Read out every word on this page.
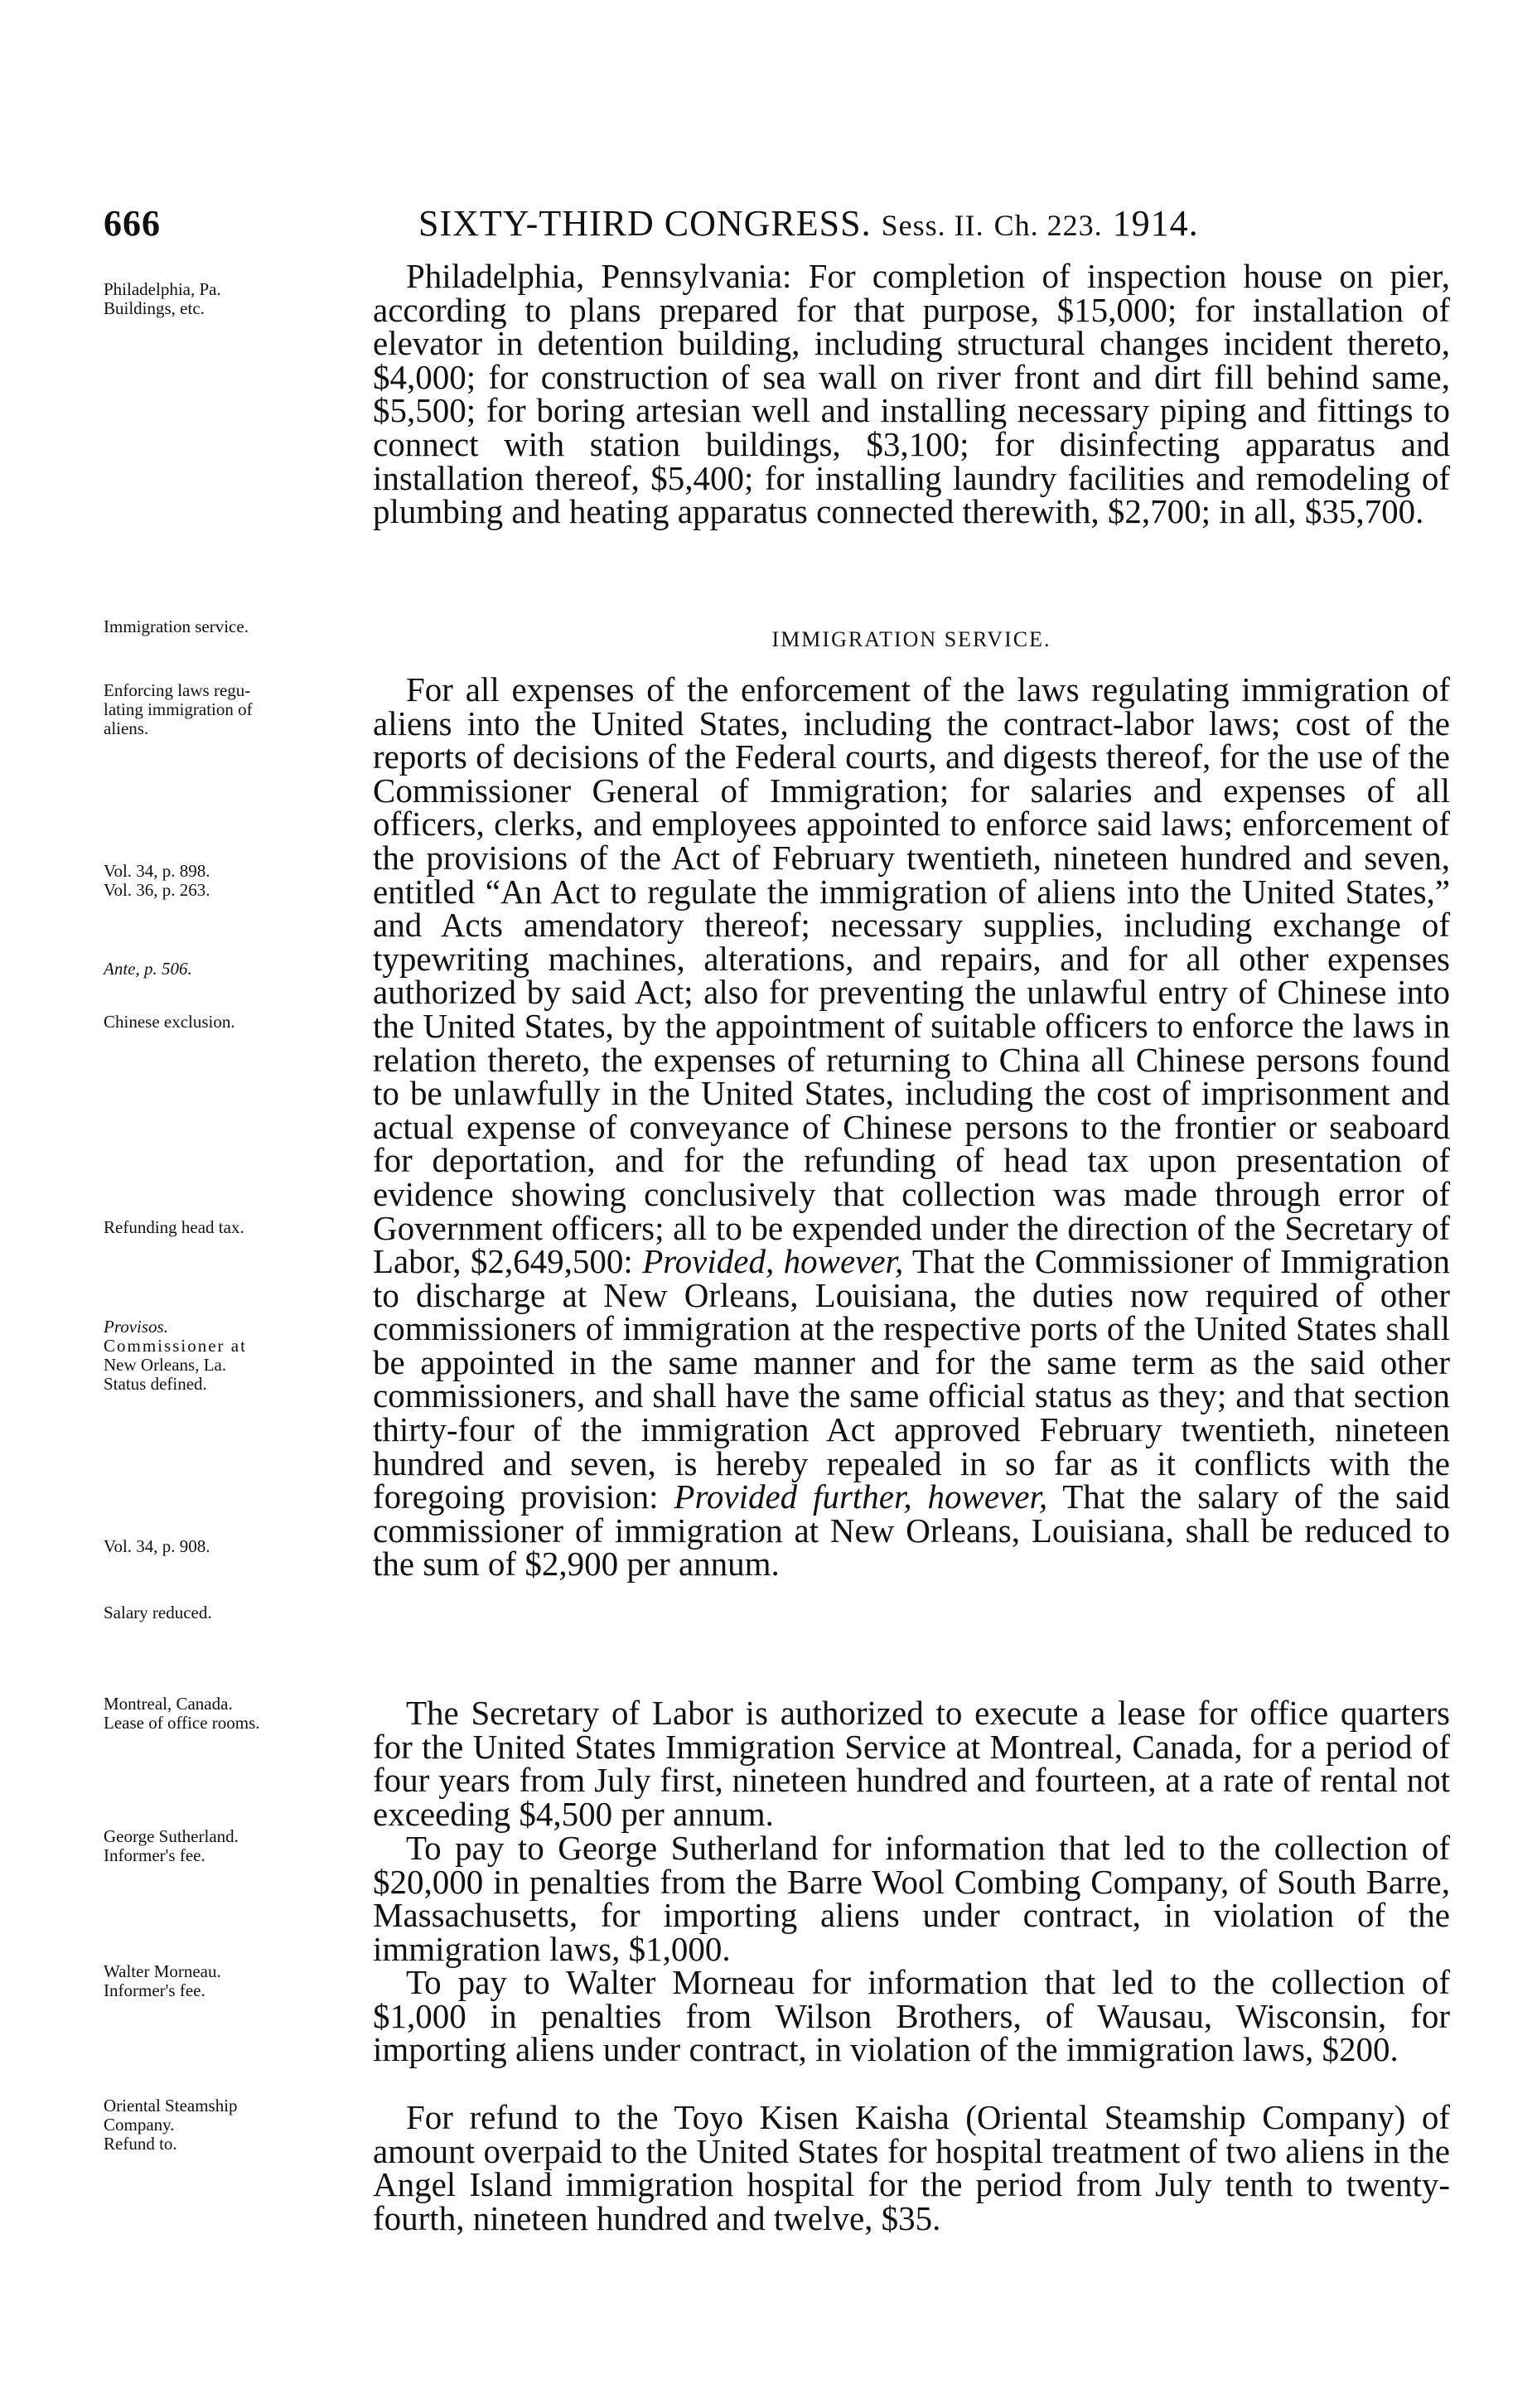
666	SIXTY-THIRD CONGRESS. Sess. II. Ch. 223. 1914.
Philadelphia, Pa.
Buildings, etc.
Immigration service.
Enforcing laws regu-
lating immigration of
aliens.
Vol. 34, p. 898.
Vol. 36, p. 263.
Ante, p. 506.
Chinese exclusion.
Refunding head tax.
Provisos.
Commissioner at
New Orleans, La.
Status defined.
Vol. 34, p. 908.
Salary reduced.
Montreal, Canada.
Lease of office rooms.
George Sutherland.
Informer's fee.
Walter Morneau.
Informer's fee.
Oriental Steamship
Company.
Refund to.

Philadelphia, Pennsylvania: For completion of inspection house on pier, according to plans prepared for that purpose, $15,000; for installation of elevator in detention building, including structural changes incident thereto, $4,000; for construction of sea wall on river front and dirt fill behind same, $5,500; for boring artesian well and installing necessary piping and fittings to connect with station buildings, $3,100; for disinfecting apparatus and installation thereof, $5,400; for installing laundry facilities and remodeling of plumbing and heating apparatus connected therewith, $2,700; in all, $35,700.

IMMIGRATION SERVICE.

For all expenses of the enforcement of the laws regulating immigration of aliens into the United States, including the contract-labor laws; cost of the reports of decisions of the Federal courts, and digests thereof, for the use of the Commissioner General of Immigration; for salaries and expenses of all officers, clerks, and employees appointed to enforce said laws; enforcement of the provisions of the Act of February twentieth, nineteen hundred and seven, entitled “An Act to regulate the immigration of aliens into the United States,” and Acts amendatory thereof; necessary supplies, including exchange of typewriting machines, alterations, and repairs, and for all other expenses authorized by said Act; also for preventing the unlawful entry of Chinese into the United States, by the appointment of suitable officers to enforce the laws in relation thereto, the expenses of returning to China all Chinese persons found to be unlawfully in the United States, including the cost of imprisonment and actual expense of conveyance of Chinese persons to the frontier or seaboard for deportation, and for the refunding of head tax upon presentation of evidence showing conclusively that collection was made through error of Government officers; all to be expended under the direction of the Secretary of Labor, $2,649,500: Provided, however, That the Commissioner of Immigration to discharge at New Orleans, Louisiana, the duties now required of other commissioners of immigration at the respective ports of the United States shall be appointed in the same manner and for the same term as the said other commissioners, and shall have the same official status as they; and that section thirty-four of the immigration Act approved February twentieth, nineteen hundred and seven, is hereby repealed in so far as it conflicts with the foregoing provision: Provided further, however, That the salary of the said commissioner of immigration at New Orleans, Louisiana, shall be reduced to the sum of $2,900 per annum.

The Secretary of Labor is authorized to execute a lease for office quarters for the United States Immigration Service at Montreal, Canada, for a period of four years from July first, nineteen hundred and fourteen, at a rate of rental not exceeding $4,500 per annum.

To pay to George Sutherland for information that led to the collection of $20,000 in penalties from the Barre Wool Combing Company, of South Barre, Massachusetts, for importing aliens under contract, in violation of the immigration laws, $1,000.

To pay to Walter Morneau for information that led to the collection of $1,000 in penalties from Wilson Brothers, of Wausau, Wisconsin, for importing aliens under contract, in violation of the immigration laws, $200.

For refund to the Toyo Kisen Kaisha (Oriental Steamship Company) of amount overpaid to the United States for hospital treatment of two aliens in the Angel Island immigration hospital for the period from July tenth to twenty-fourth, nineteen hundred and twelve, $35.
